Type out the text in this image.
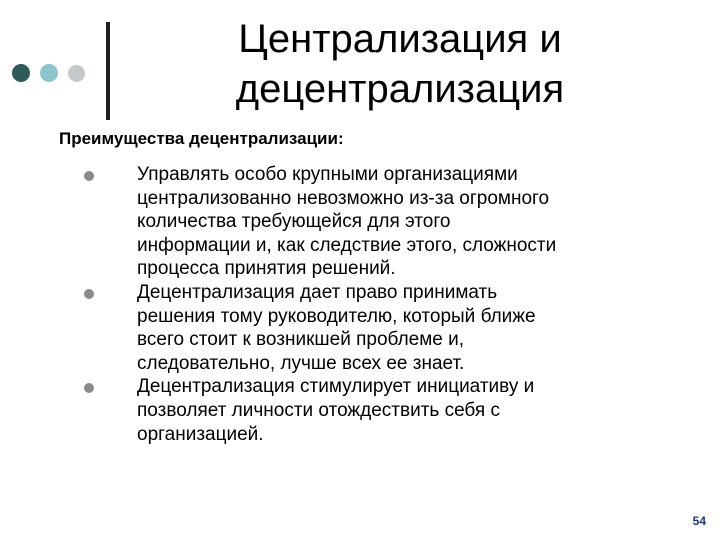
Централизация и
децентрализация
Преимущества децентрализации:
Управлять особо крупными организациями
централизованно невозможно из-за огромного
количества требующейся для этого
информации и, как следствие этого, сложности
процесса принятия решений.
Децентрализация дает право принимать
решения тому руководителю, который ближе
всего стоит к возникшей проблеме и,
следовательно, лучше всех ее знает.
Децентрализация стимулирует инициативу и
позволяет личности отождествить себя с
организацией.
54
